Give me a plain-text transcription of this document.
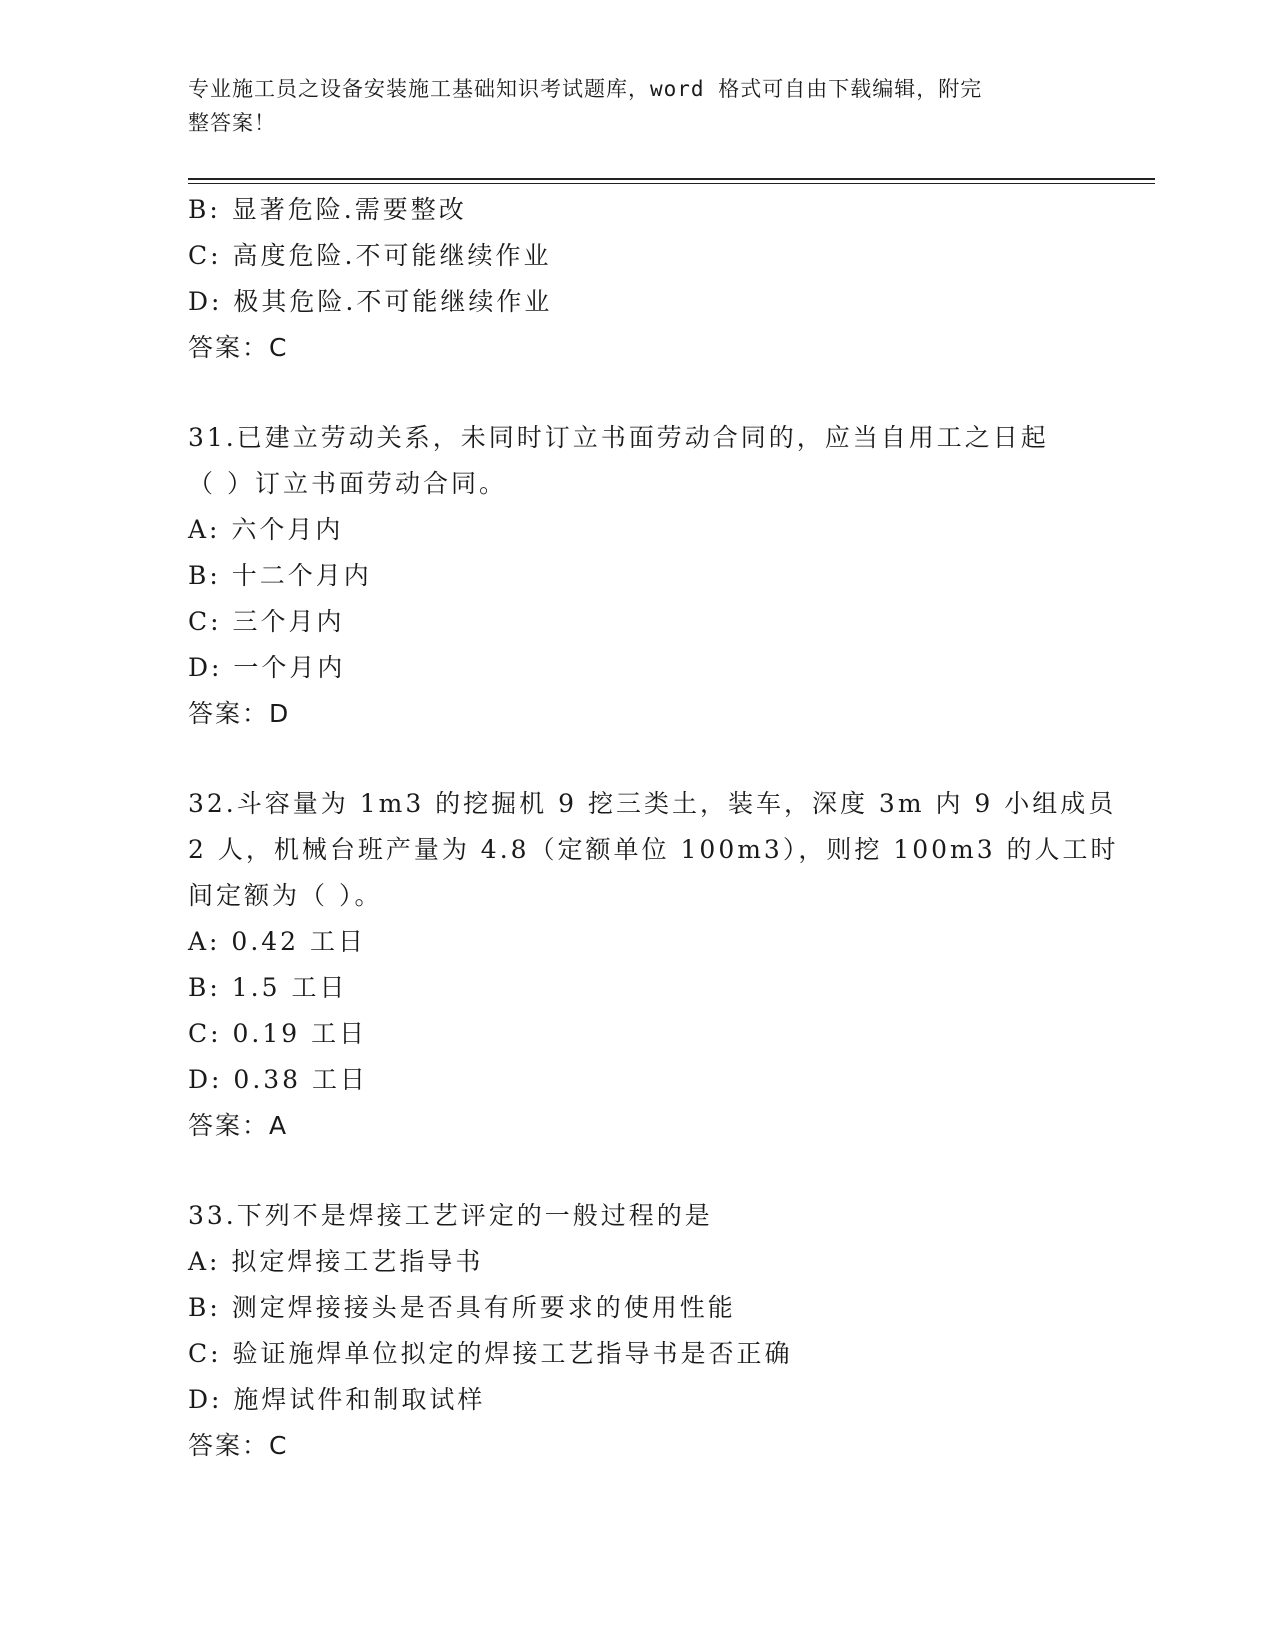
专业施工员之设备安装施工基础知识考试题库，word 格式可自由下载编辑，附完
整答案！
B: 显著危险.需要整改
C: 高度危险.不可能继续作业
D: 极其危险.不可能继续作业
答案：C
31.已建立劳动关系，未同时订立书面劳动合同的，应当自用工之日起
（ ）订立书面劳动合同。
A: 六个月内
B: 十二个月内
C: 三个月内
D: 一个月内
答案：D
32.斗容量为 1m3 的挖掘机 9 挖三类土，装车，深度 3m 内 9 小组成员
2 人，机械台班产量为 4.8（定额单位 100m3），则挖 100m3 的人工时
间定额为（ ）。
A: 0.42 工日
B: 1.5 工日
C: 0.19 工日
D: 0.38 工日
答案：A
33.下列不是焊接工艺评定的一般过程的是
A: 拟定焊接工艺指导书
B: 测定焊接接头是否具有所要求的使用性能
C: 验证施焊单位拟定的焊接工艺指导书是否正确
D: 施焊试件和制取试样
答案：C
